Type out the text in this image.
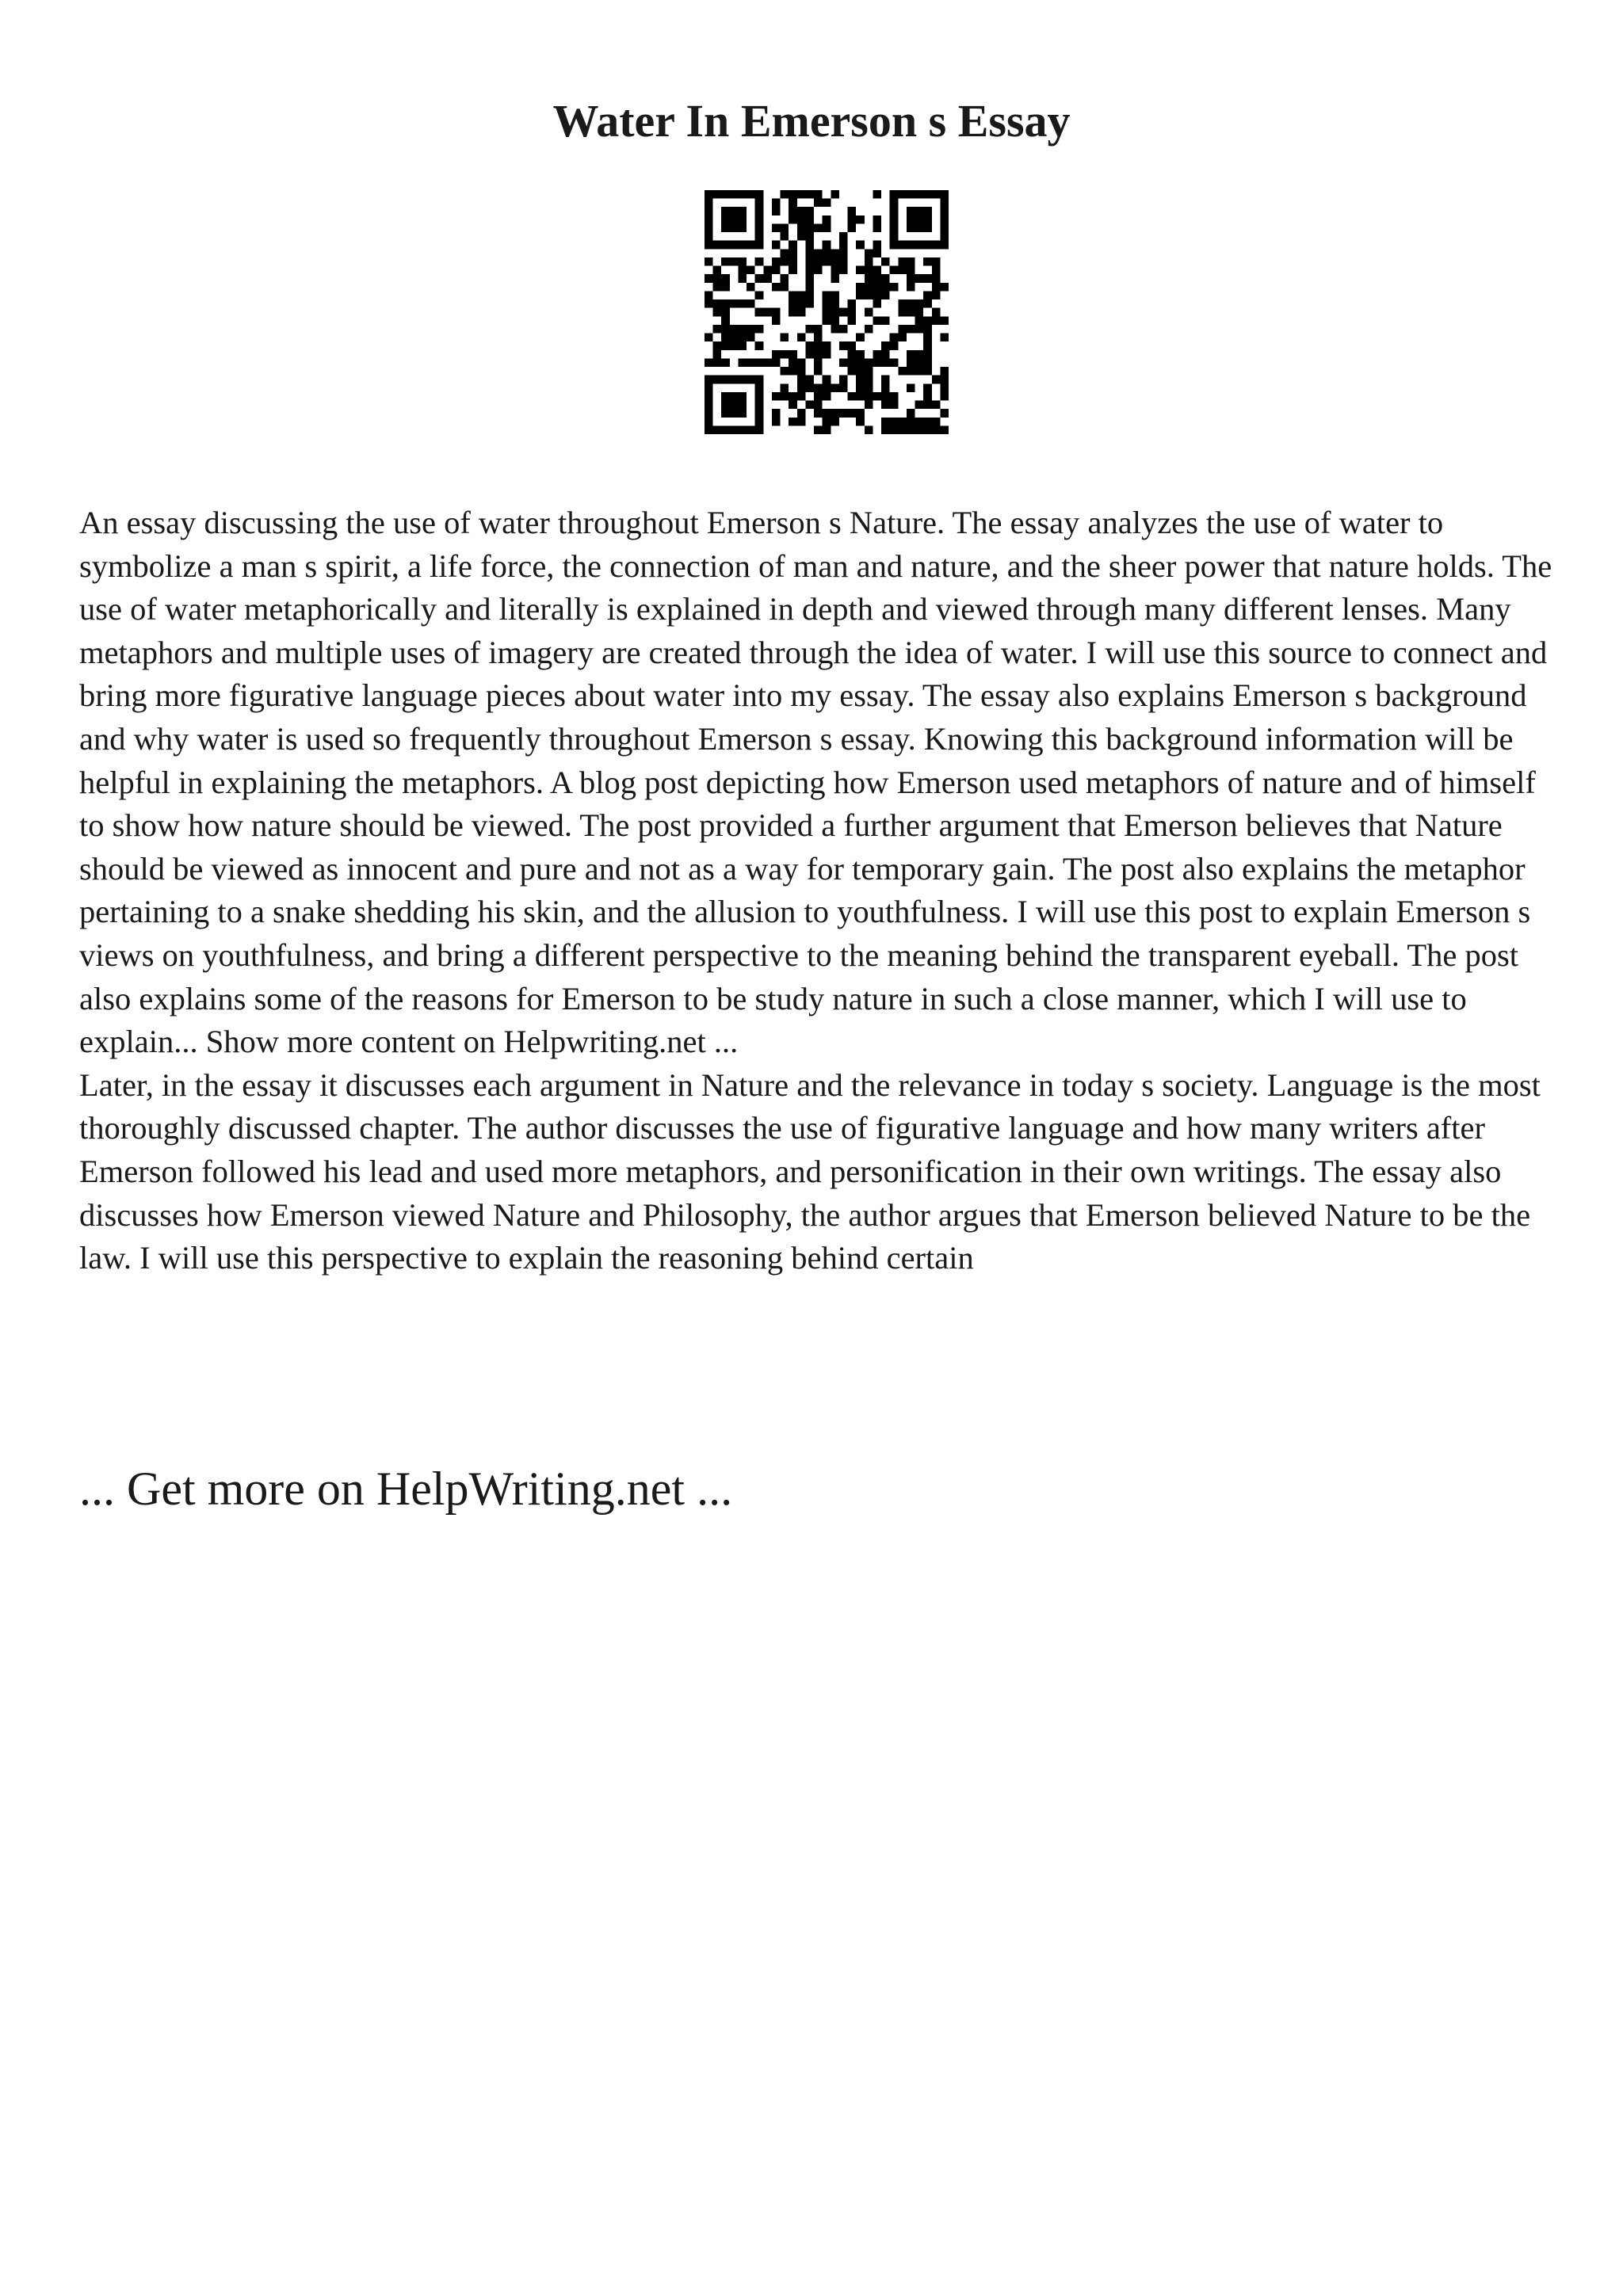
Water In Emerson s Essay

An essay discussing the use of water throughout Emerson s Nature. The essay analyzes the use of water to symbolize a man s spirit, a life force, the connection of man and nature, and the sheer power that nature holds. The use of water metaphorically and literally is explained in depth and viewed through many different lenses. Many metaphors and multiple uses of imagery are created through the idea of water. I will use this source to connect and bring more figurative language pieces about water into my essay. The essay also explains Emerson s background and why water is used so frequently throughout Emerson s essay. Knowing this background information will be helpful in explaining the metaphors. A blog post depicting how Emerson used metaphors of nature and of himself to show how nature should be viewed. The post provided a further argument that Emerson believes that Nature should be viewed as innocent and pure and not as a way for temporary gain. The post also explains the metaphor pertaining to a snake shedding his skin, and the allusion to youthfulness. I will use this post to explain Emerson s views on youthfulness, and bring a different perspective to the meaning behind the transparent eyeball. The post also explains some of the reasons for Emerson to be study nature in such a close manner, which I will use to explain... Show more content on Helpwriting.net ...

Later, in the essay it discusses each argument in Nature and the relevance in today s society. Language is the most thoroughly discussed chapter. The author discusses the use of figurative language and how many writers after Emerson followed his lead and used more metaphors, and personification in their own writings. The essay also discusses how Emerson viewed Nature and Philosophy, the author argues that Emerson believed Nature to be the law. I will use this perspective to explain the reasoning behind certain

... Get more on HelpWriting.net ...
